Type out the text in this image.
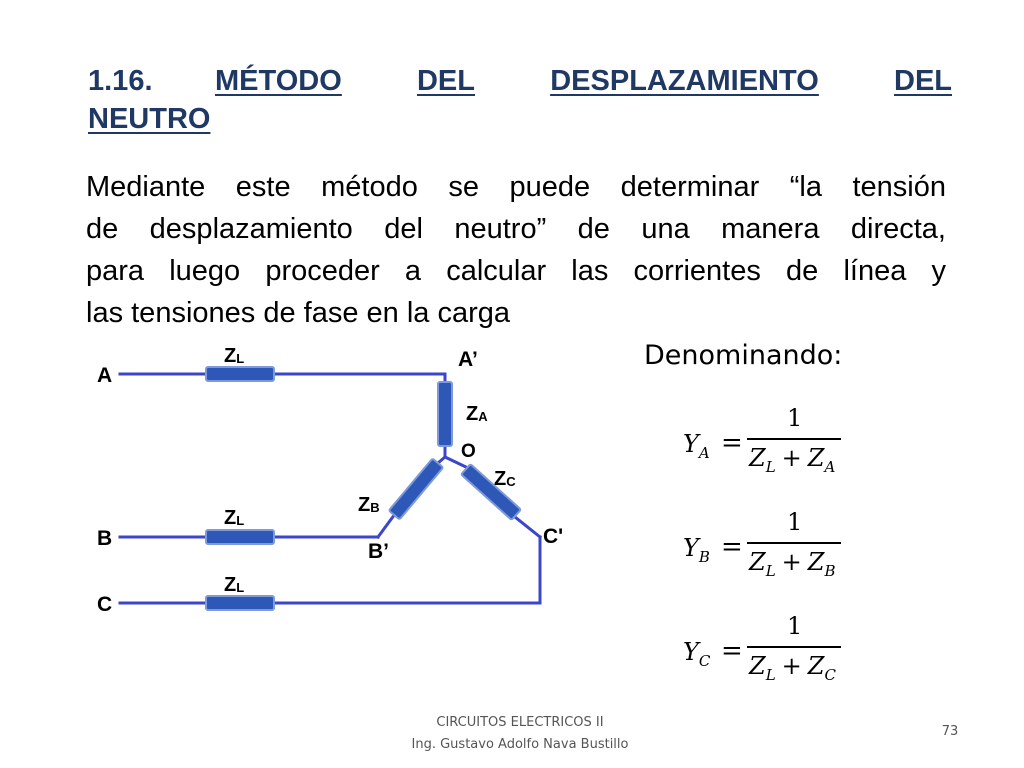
1.16. MÉTODO	DEL	DESPLAZAMIENTO	DEL
NEUTRO
Mediante este método se puede determinar “la tensión
de desplazamiento del neutro” de una manera directa,
para luego proceder a calcular las corrientes de línea y
las tensiones de fase en la carga
A
B
C
A’
B’
C'
O
ZL
ZL
ZL
ZA
ZB
ZC
Denominando:
$Y_A$ =
1
$Z_L + Z_A$
$Y_B$ =
1
$Z_L + Z_B$
$Y_C$ =
1
$Z_L + Z_C$
CIRCUITOS ELECTRICOS II
Ing. Gustavo Adolfo Nava Bustillo
73
